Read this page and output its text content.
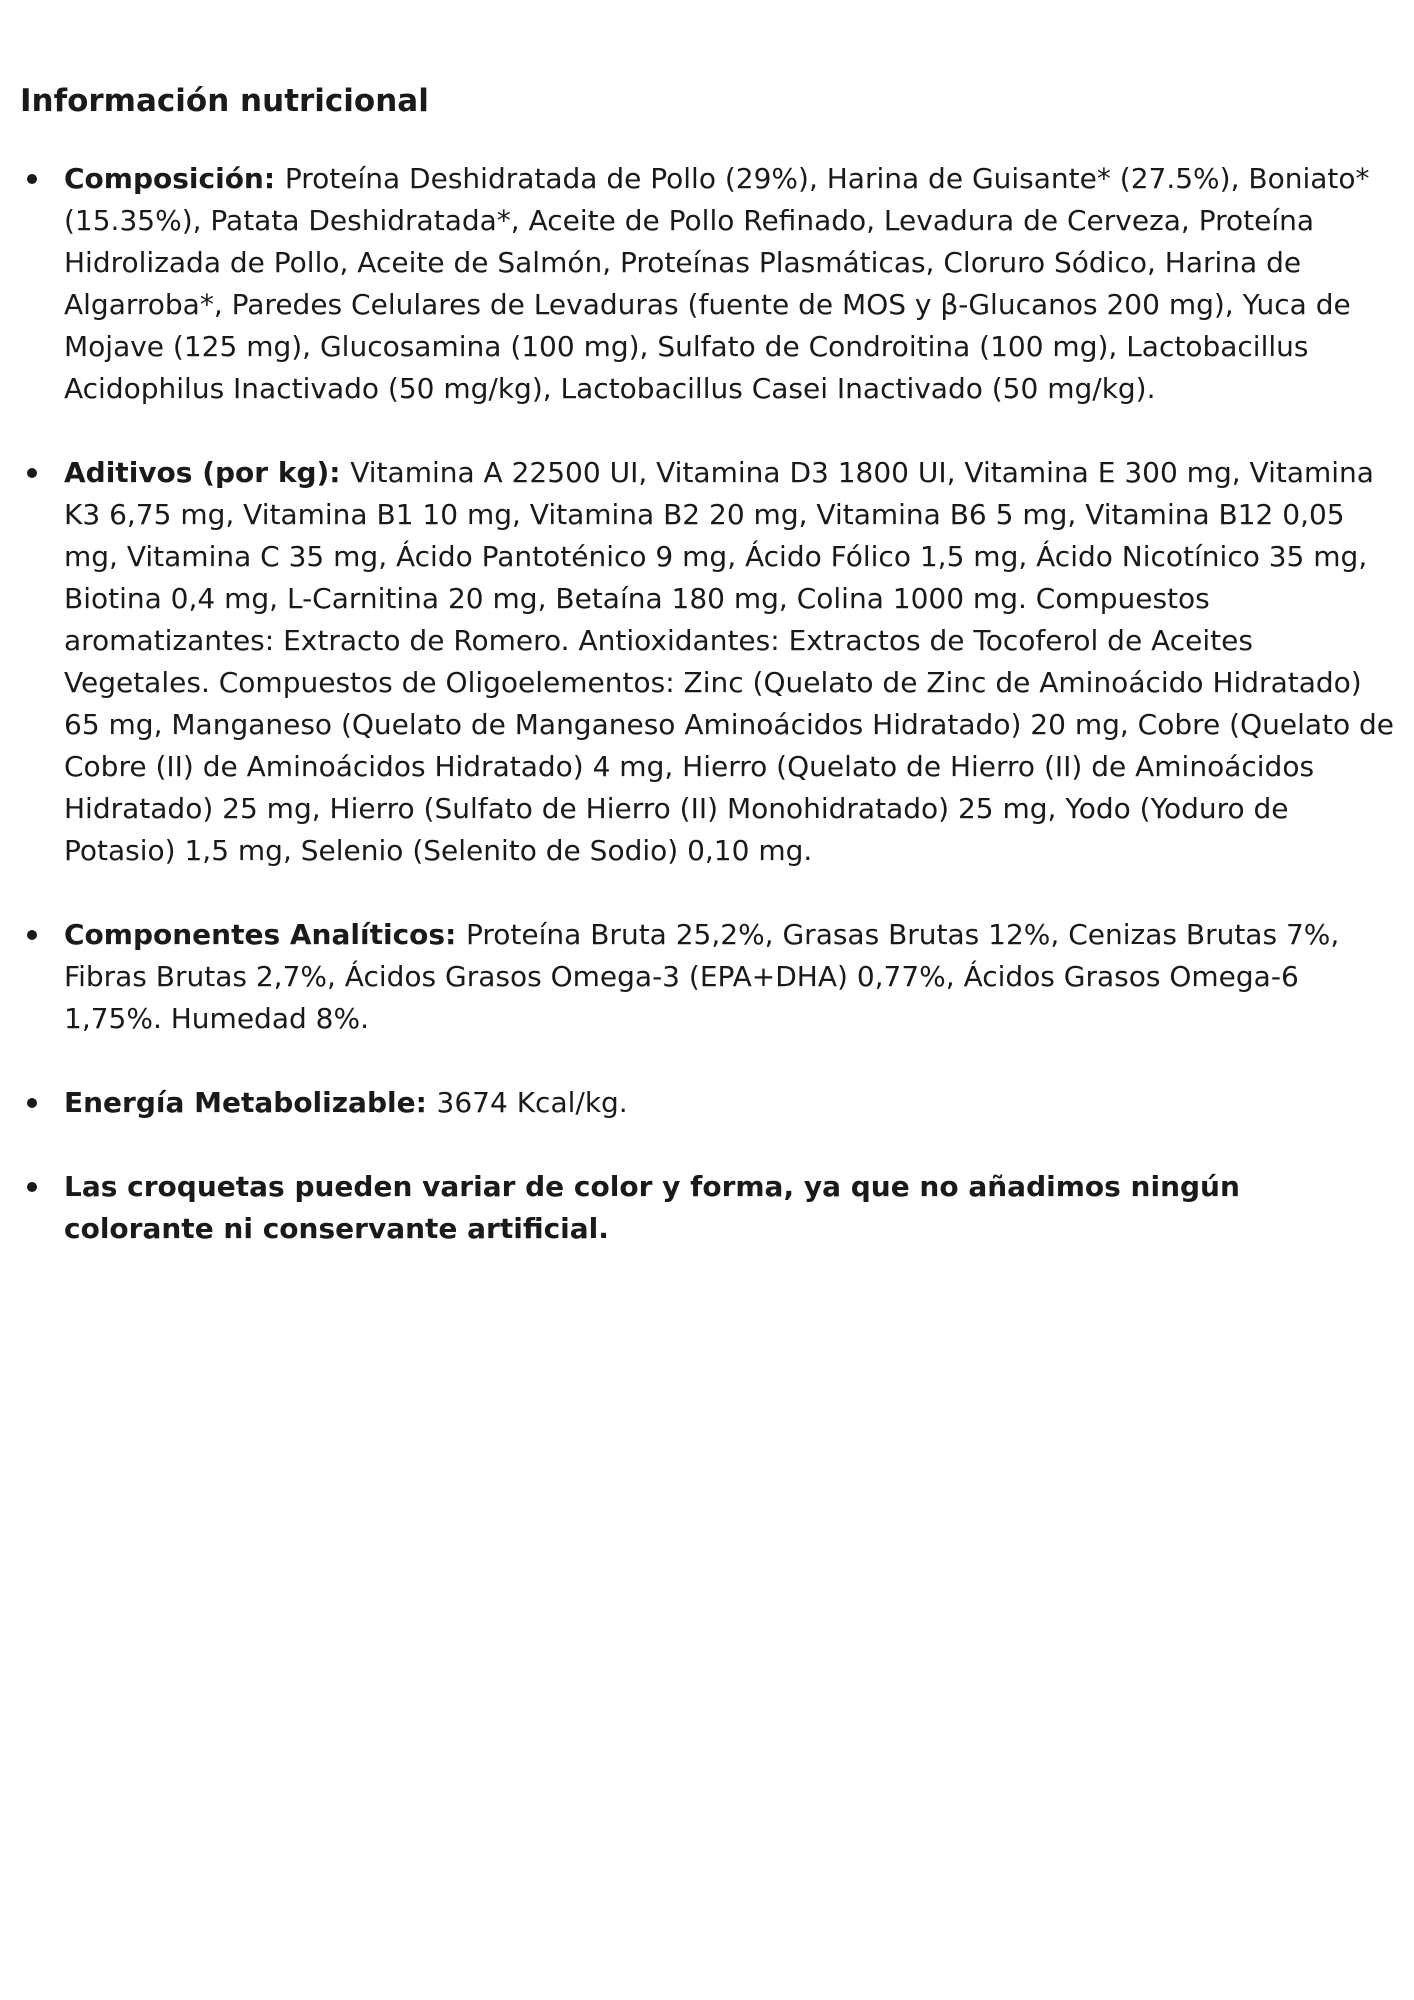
Información nutricional
Composición: Proteína Deshidratada de Pollo (29%), Harina de Guisante* (27.5%), Boniato* (15.35%), Patata Deshidratada*, Aceite de Pollo Refinado, Levadura de Cerveza, Proteína Hidrolizada de Pollo, Aceite de Salmón, Proteínas Plasmáticas, Cloruro Sódico, Harina de Algarroba*, Paredes Celulares de Levaduras (fuente de MOS y β-Glucanos 200 mg), Yuca de Mojave (125 mg), Glucosamina (100 mg), Sulfato de Condroitina (100 mg), Lactobacillus Acidophilus Inactivado (50 mg/kg), Lactobacillus Casei Inactivado (50 mg/kg).
Aditivos (por kg): Vitamina A 22500 UI, Vitamina D3 1800 UI, Vitamina E 300 mg, Vitamina K3 6,75 mg, Vitamina B1 10 mg, Vitamina B2 20 mg, Vitamina B6 5 mg, Vitamina B12 0,05 mg, Vitamina C 35 mg, Ácido Pantoténico 9 mg, Ácido Fólico 1,5 mg, Ácido Nicotínico 35 mg, Biotina 0,4 mg, L-Carnitina 20 mg, Betaína 180 mg, Colina 1000 mg. Compuestos aromatizantes: Extracto de Romero. Antioxidantes: Extractos de Tocoferol de Aceites Vegetales. Compuestos de Oligoelementos: Zinc (Quelato de Zinc de Aminoácido Hidratado) 65 mg, Manganeso (Quelato de Manganeso Aminoácidos Hidratado) 20 mg, Cobre (Quelato de Cobre (II) de Aminoácidos Hidratado) 4 mg, Hierro (Quelato de Hierro (II) de Aminoácidos Hidratado) 25 mg, Hierro (Sulfato de Hierro (II) Monohidratado) 25 mg, Yodo (Yoduro de Potasio) 1,5 mg, Selenio (Selenito de Sodio) 0,10 mg.
Componentes Analíticos: Proteína Bruta 25,2%, Grasas Brutas 12%, Cenizas Brutas 7%, Fibras Brutas 2,7%, Ácidos Grasos Omega-3 (EPA+DHA) 0,77%, Ácidos Grasos Omega-6 1,75%. Humedad 8%.
Energía Metabolizable: 3674 Kcal/kg.
Las croquetas pueden variar de color y forma, ya que no añadimos ningún colorante ni conservante artificial.
